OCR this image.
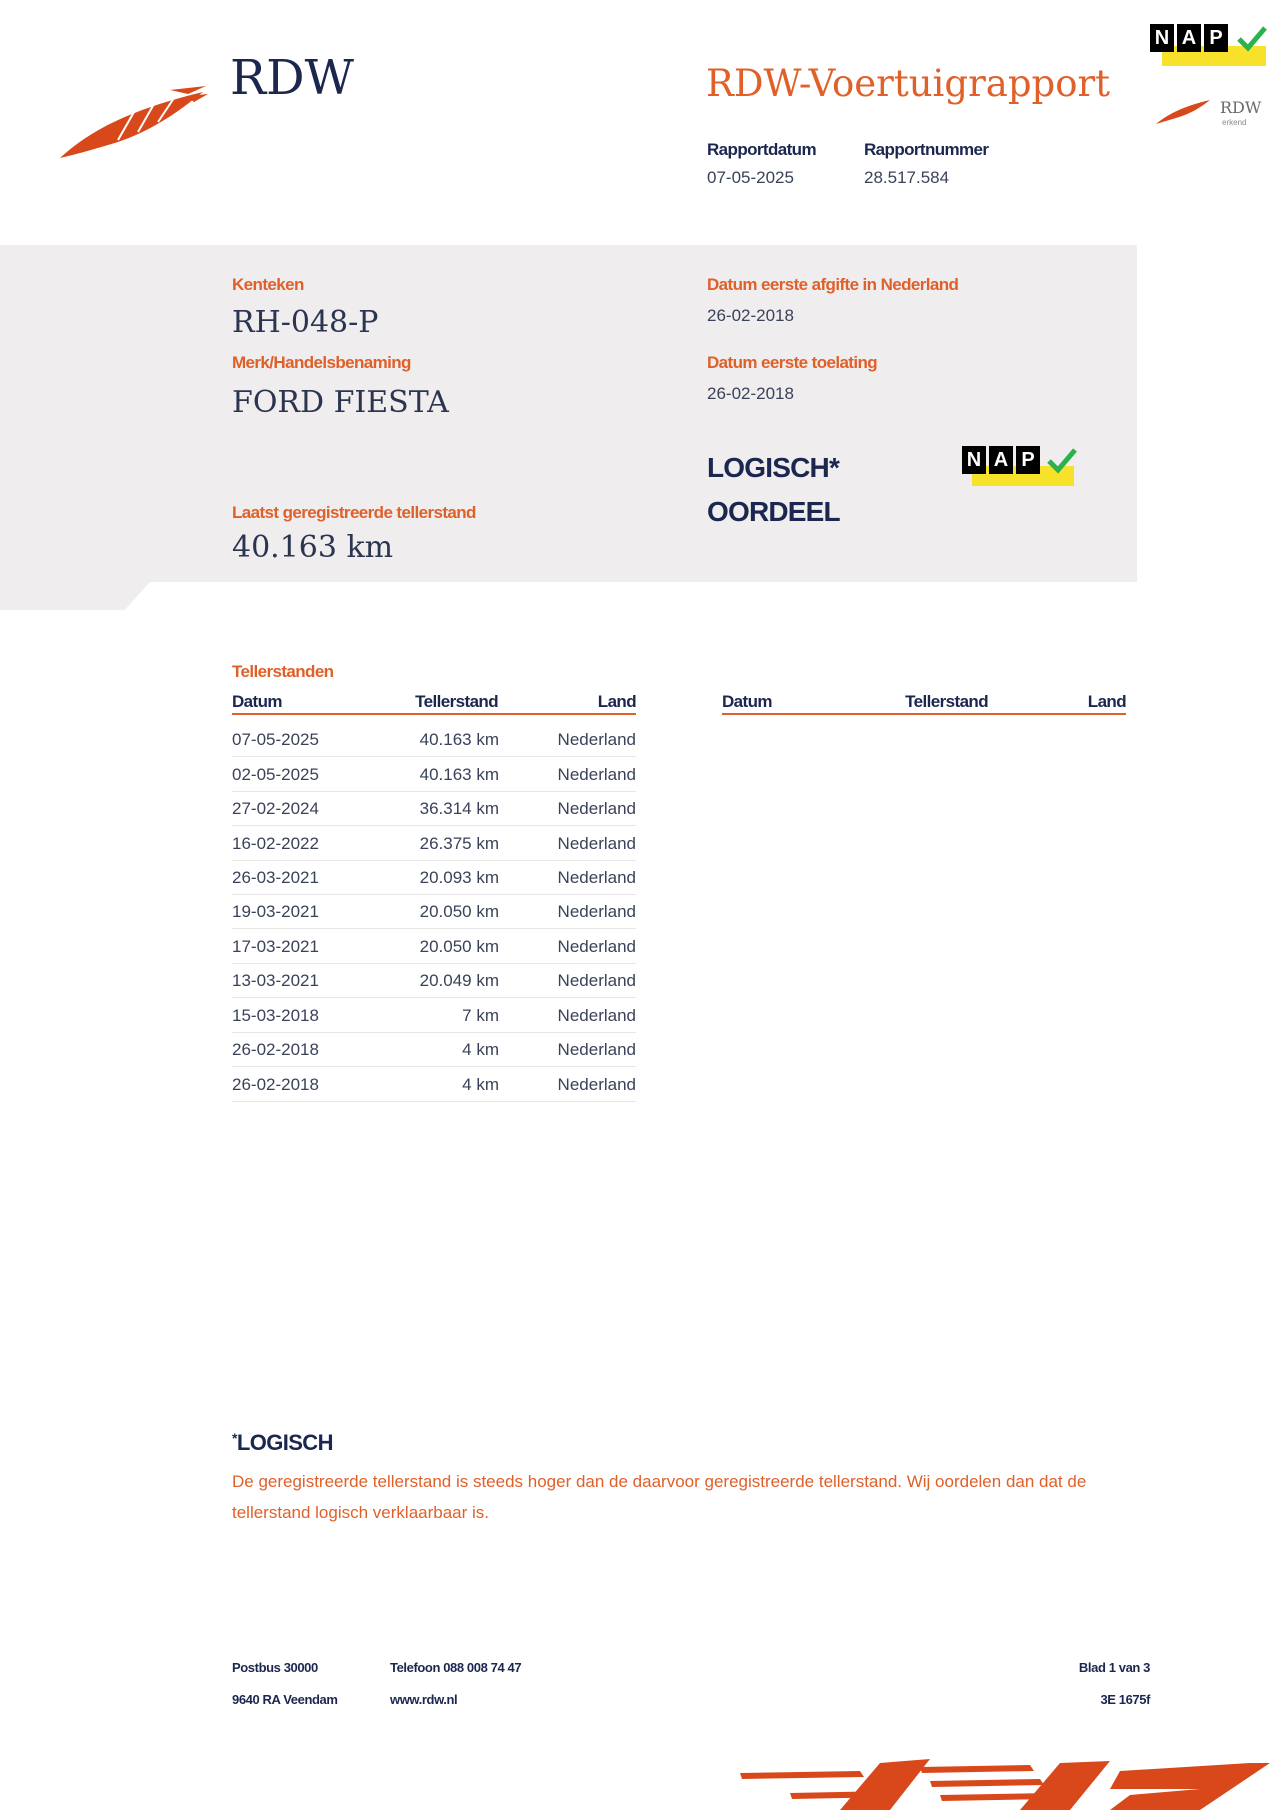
RDW	RDW-Voertuigrapport
Rapportdatum
07-05-2025
Rapportnummer
28.517.584
N A P
RDW
erkend
Kenteken
RH-048-P
Merk/Handelsbenaming
FORD FIESTA
Laatst geregistreerde tellerstand
40.163 km
Datum eerste afgifte in Nederland
26-02-2018
Datum eerste toelating
26-02-2018
LOGISCH*
OORDEEL
N A P
Tellerstanden
Datum	Tellerstand	Land	Datum	Tellerstand	Land
07-05-2025	40.163 km	Nederland
02-05-2025	40.163 km	Nederland
27-02-2024	36.314 km	Nederland
16-02-2022	26.375 km	Nederland
26-03-2021	20.093 km	Nederland
19-03-2021	20.050 km	Nederland
17-03-2021	20.050 km	Nederland
13-03-2021	20.049 km	Nederland
15-03-2018	7 km	Nederland
26-02-2018	4 km	Nederland
26-02-2018	4 km	Nederland
*LOGISCH
De geregistreerde tellerstand is steeds hoger dan de daarvoor geregistreerde tellerstand. Wij oordelen dan dat de tellerstand logisch verklaarbaar is.
Postbus 30000
9640 RA Veendam
Telefoon 088 008 74 47
www.rdw.nl
Blad 1 van 3
3E 1675f
